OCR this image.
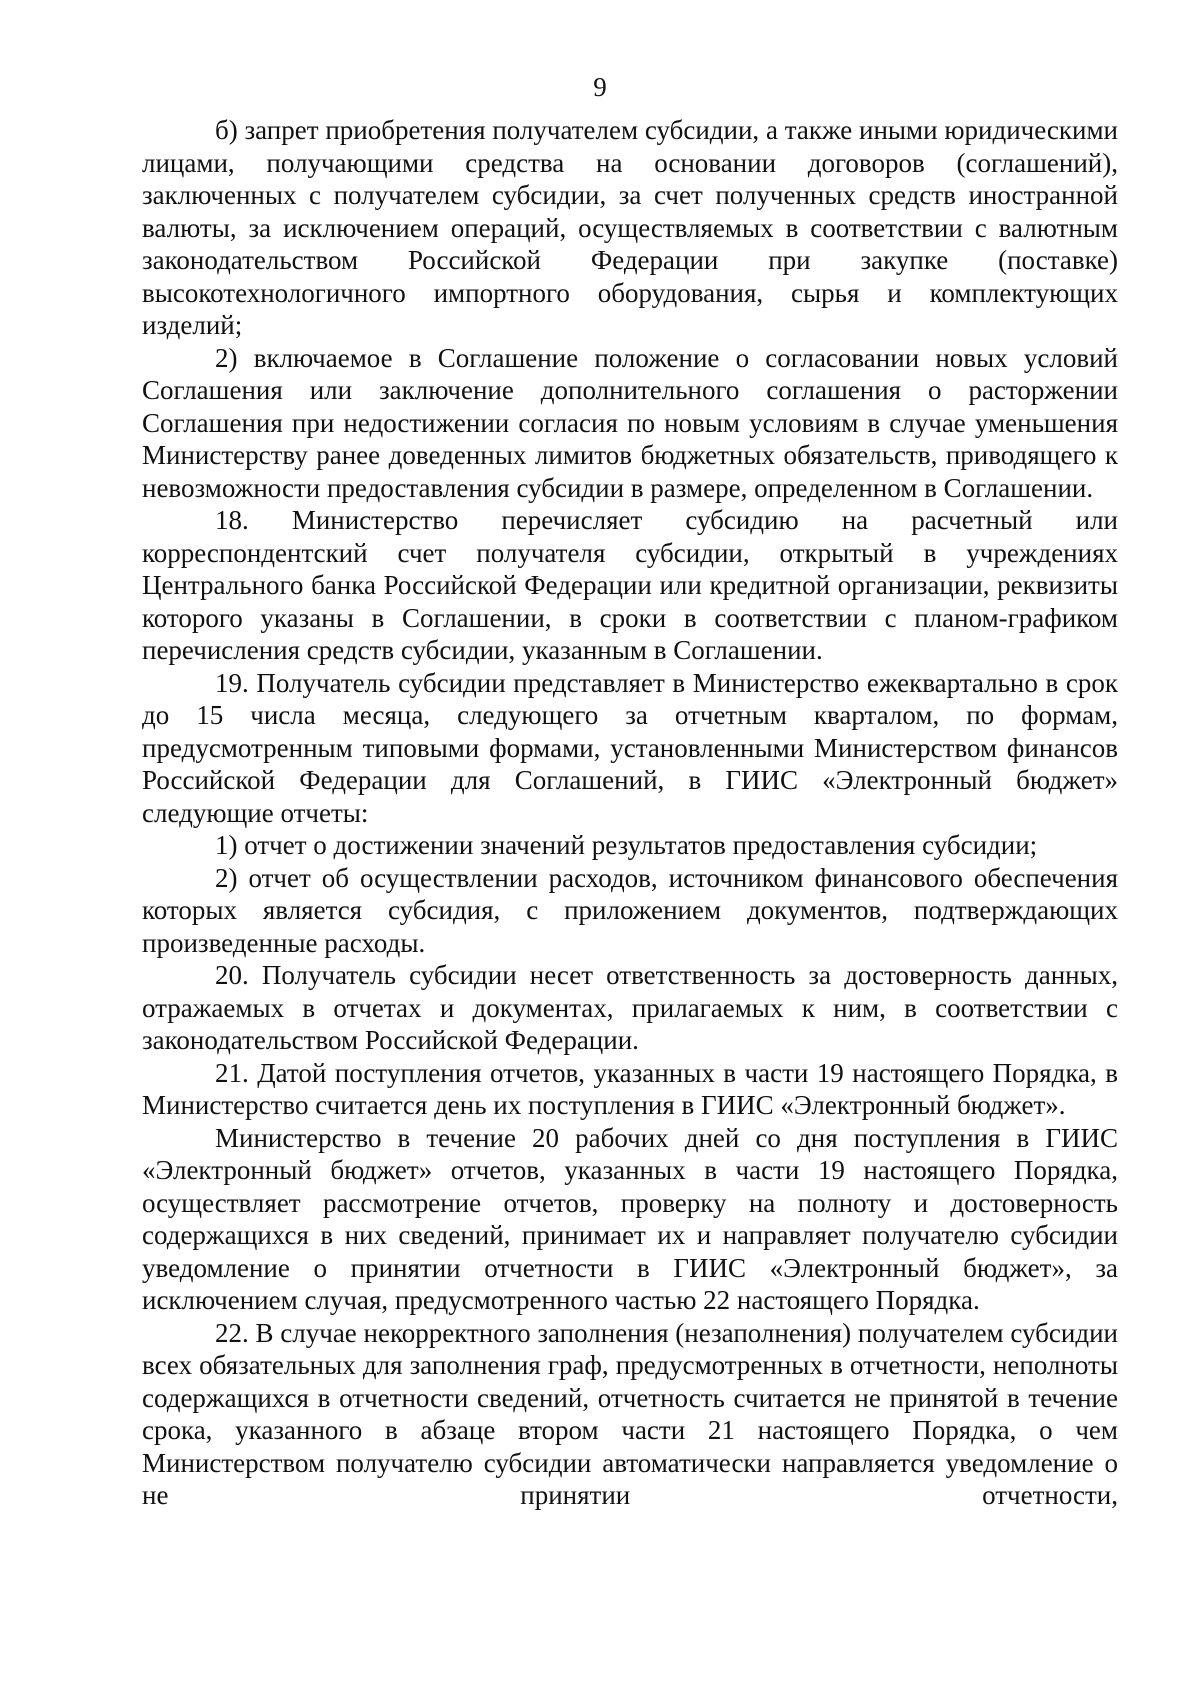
9

б) запрет приобретения получателем субсидии, а также иными юридическими лицами, получающими средства на основании договоров (соглашений), заключенных с получателем субсидии, за счет полученных средств иностранной валюты, за исключением операций, осуществляемых в соответствии с валютным законодательством Российской Федерации при закупке (поставке) высокотехнологичного импортного оборудования, сырья и комплектующих изделий;

2) включаемое в Соглашение положение о согласовании новых условий Соглашения или заключение дополнительного соглашения о расторжении Соглашения при недостижении согласия по новым условиям в случае уменьшения Министерству ранее доведенных лимитов бюджетных обязательств, приводящего к невозможности предоставления субсидии в размере, определенном в Соглашении.

18. Министерство перечисляет субсидию на расчетный или корреспондентский счет получателя субсидии, открытый в учреждениях Центрального банка Российской Федерации или кредитной организации, реквизиты которого указаны в Соглашении, в сроки в соответствии с планом-графиком перечисления средств субсидии, указанным в Соглашении.

19. Получатель субсидии представляет в Министерство ежеквартально в срок до 15 числа месяца, следующего за отчетным кварталом, по формам, предусмотренным типовыми формами, установленными Министерством финансов Российской Федерации для Соглашений, в ГИИС «Электронный бюджет» следующие отчеты:

1) отчет о достижении значений результатов предоставления субсидии;

2) отчет об осуществлении расходов, источником финансового обеспечения которых является субсидия, с приложением документов, подтверждающих произведенные расходы.

20. Получатель субсидии несет ответственность за достоверность данных, отражаемых в отчетах и документах, прилагаемых к ним, в соответствии с законодательством Российской Федерации.

21. Датой поступления отчетов, указанных в части 19 настоящего Порядка, в Министерство считается день их поступления в ГИИС «Электронный бюджет».

Министерство в течение 20 рабочих дней со дня поступления в ГИИС «Электронный бюджет» отчетов, указанных в части 19 настоящего Порядка, осуществляет рассмотрение отчетов, проверку на полноту и достоверность содержащихся в них сведений, принимает их и направляет получателю субсидии уведомление о принятии отчетности в ГИИС «Электронный бюджет», за исключением случая, предусмотренного частью 22 настоящего Порядка.

22. В случае некорректного заполнения (незаполнения) получателем субсидии всех обязательных для заполнения граф, предусмотренных в отчетности, неполноты содержащихся в отчетности сведений, отчетность считается не принятой в течение срока, указанного в абзаце втором части 21 настоящего Порядка, о чем Министерством получателю субсидии автоматически направляется уведомление о не принятии отчетности,
